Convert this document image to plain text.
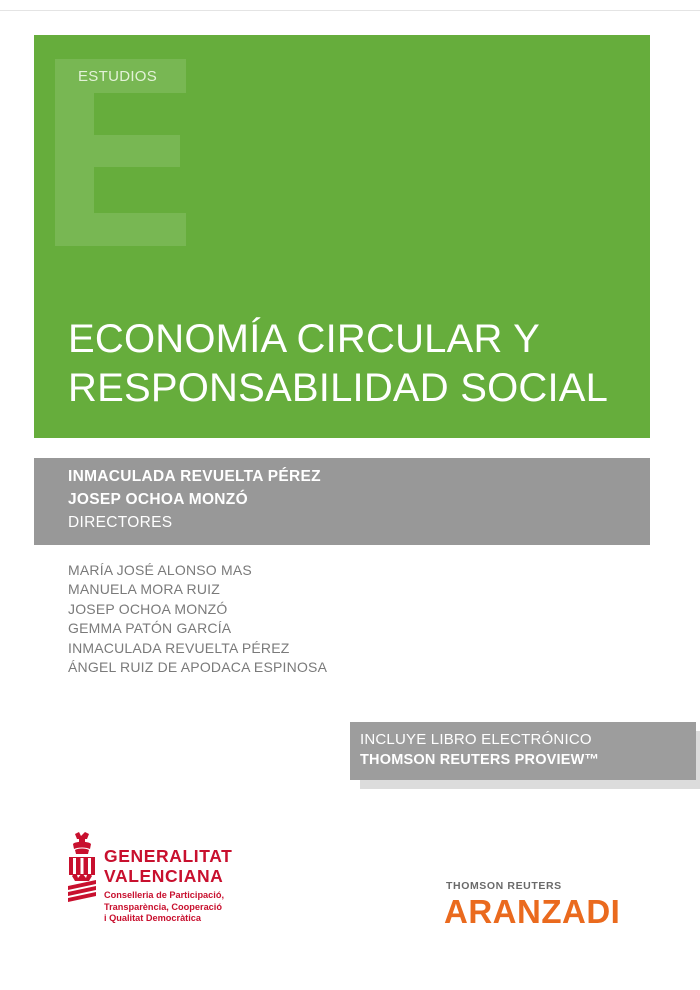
ESTUDIOS
ECONOMÍA CIRCULAR Y
RESPONSABILIDAD SOCIAL
INMACULADA REVUELTA PÉREZ
JOSEP OCHOA MONZÓ
DIRECTORES
MARÍA JOSÉ ALONSO MAS
MANUELA MORA RUIZ
JOSEP OCHOA MONZÓ
GEMMA PATÓN GARCÍA
INMACULADA REVUELTA PÉREZ
ÁNGEL RUIZ DE APODACA ESPINOSA
INCLUYE LIBRO ELECTRÓNICO
THOMSON REUTERS PROVIEW™
GENERALITAT
VALENCIANA
Conselleria de Participació,
Transparència, Cooperació
i Qualitat Democràtica
THOMSON REUTERS
ARANZADI
